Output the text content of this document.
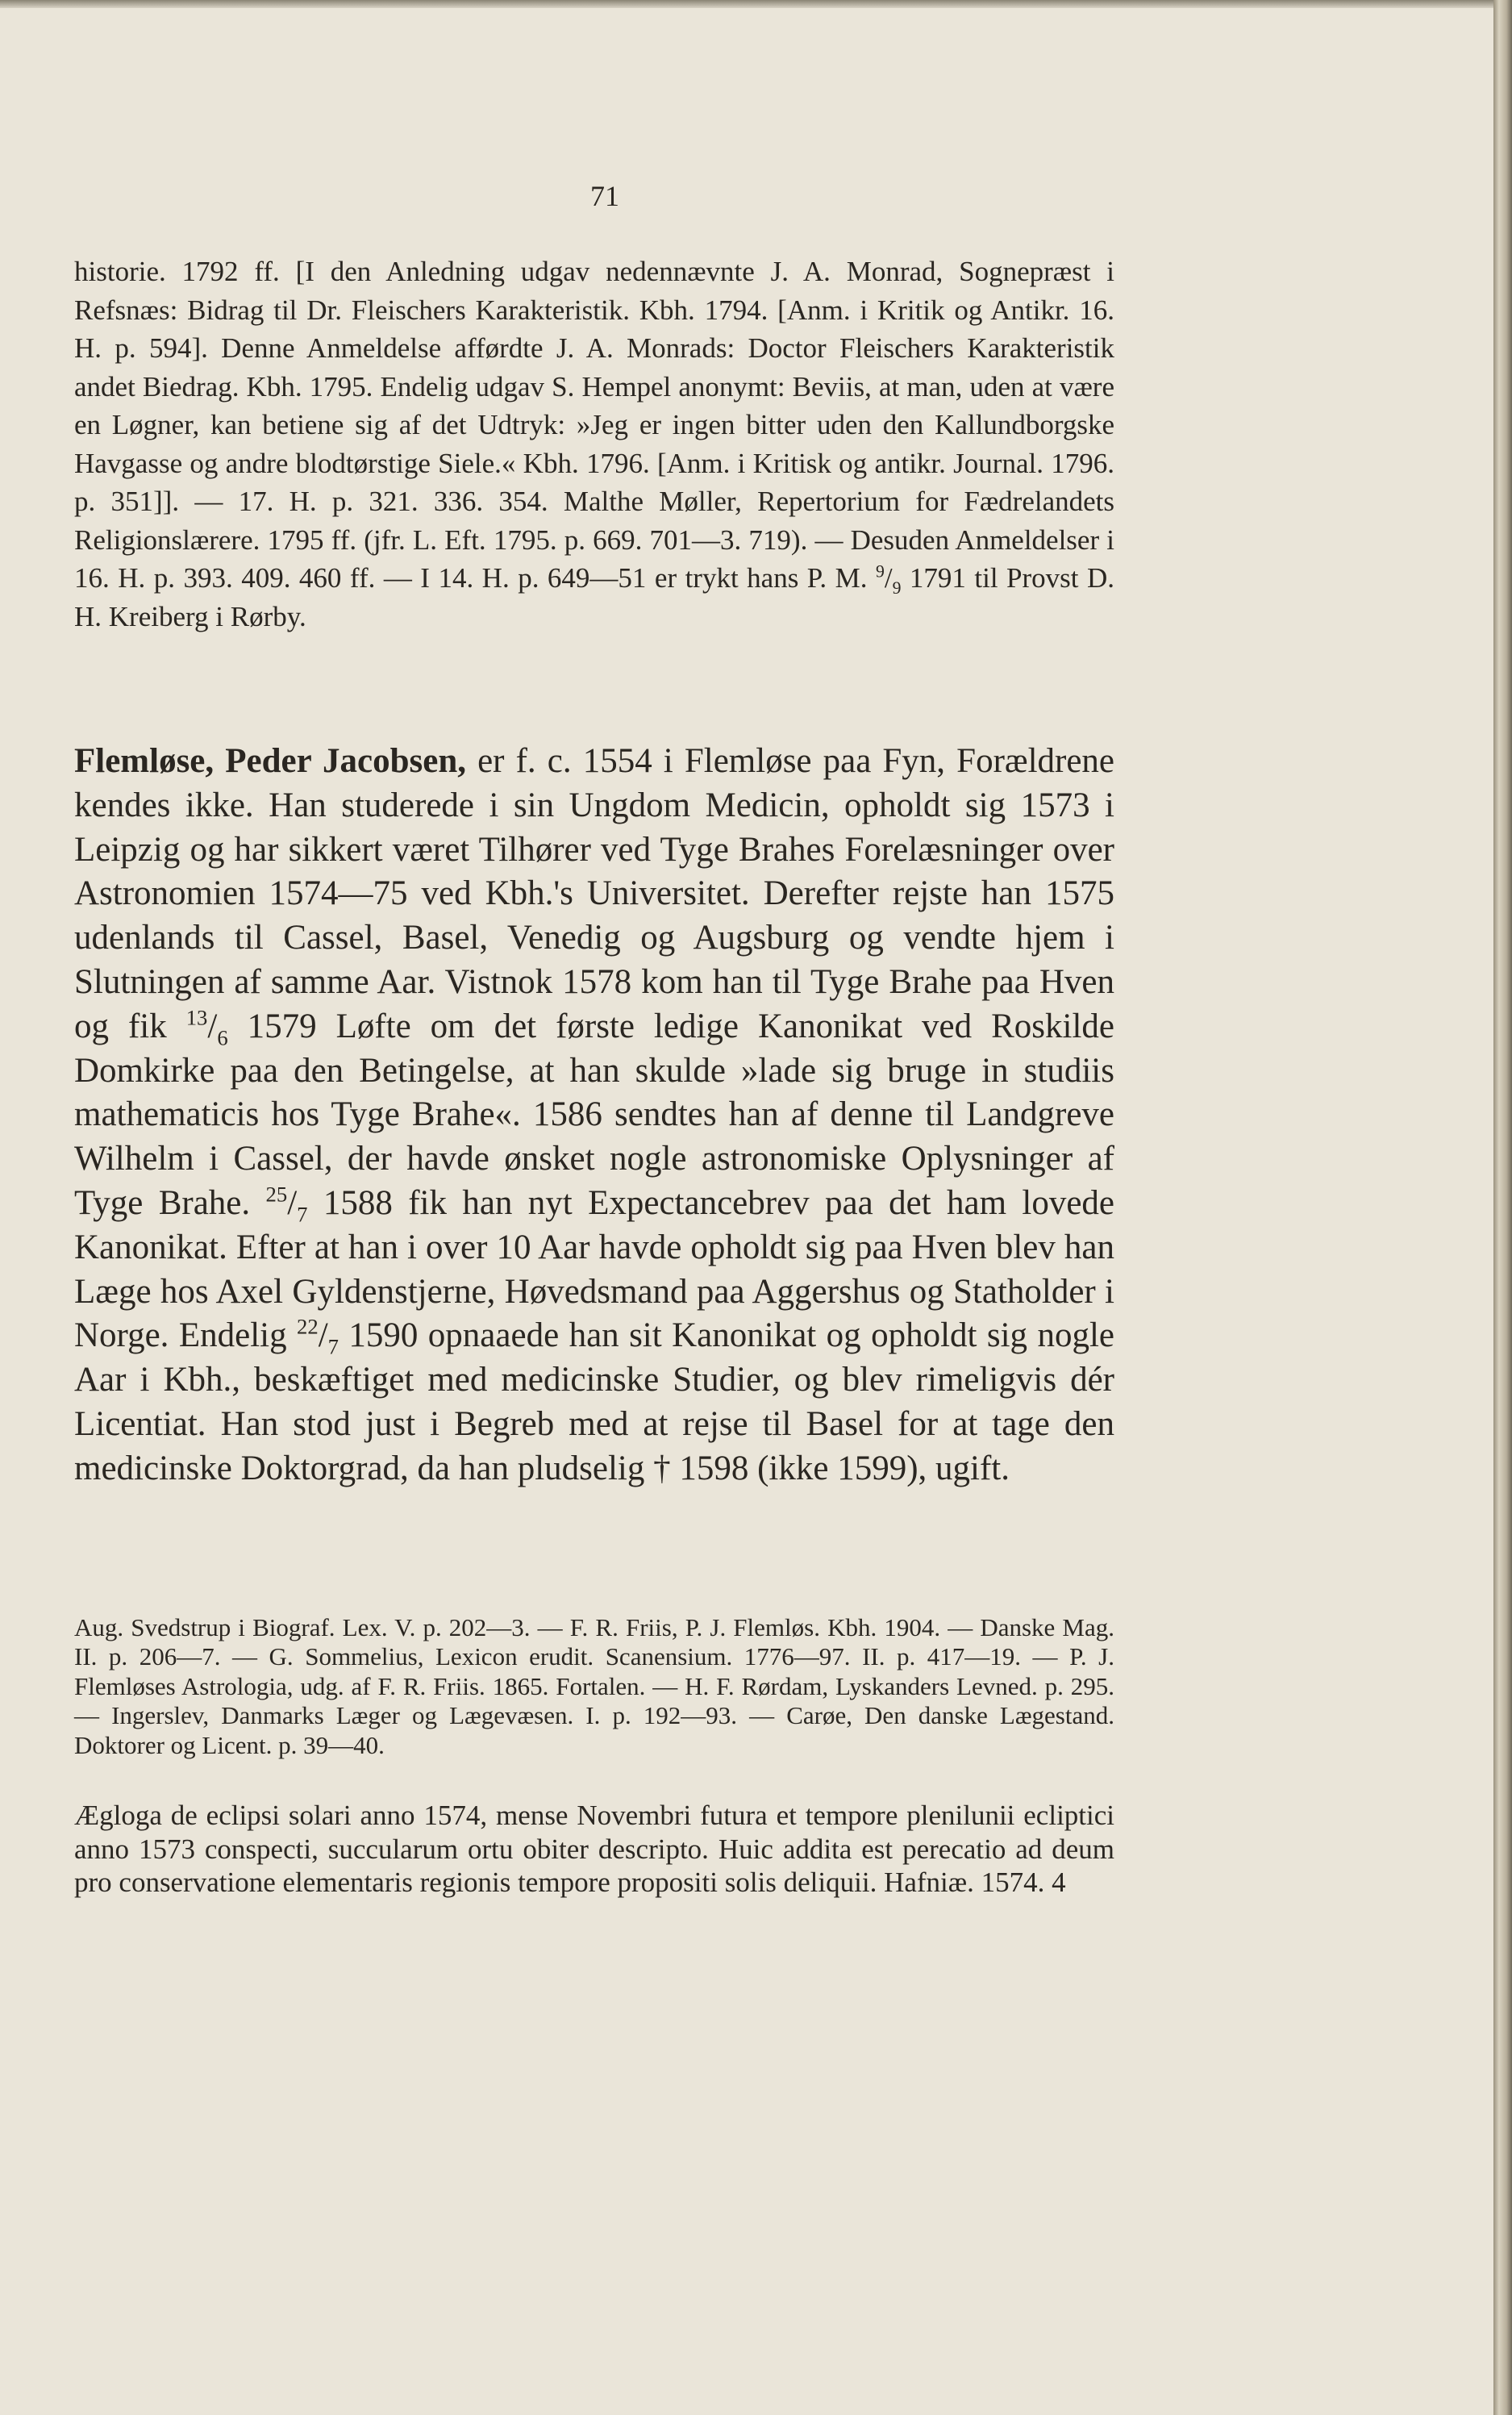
71

historie. 1792 ff. [I den Anledning udgav nedennævnte J. A. Monrad, Sognepræst i Refsnæs: Bidrag til Dr. Fleischers Karakteristik. Kbh. 1794. [Anm. i Kritik og Antikr. 16. H. p. 594]. Denne Anmeldelse afførdte J. A. Monrads: Doctor Fleischers Karakteristik andet Biedrag. Kbh. 1795. Endelig udgav S. Hempel anonymt: Beviis, at man, uden at være en Løgner, kan betiene sig af det Udtryk: »Jeg er ingen bitter uden den Kallundborgske Havgasse og andre blodtørstige Siele.« Kbh. 1796. [Anm. i Kritisk og antikr. Journal. 1796. p. 351]]. — 17. H. p. 321. 336. 354. Malthe Møller, Repertorium for Fædrelandets Religionslærere. 1795 ff. (jfr. L. Eft. 1795. p. 669. 701—3. 719). — Desuden Anmeldelser i 16. H. p. 393. 409. 460 ff. — I 14. H. p. 649—51 er trykt hans P. M. $^9/_9$ 1791 til Provst D. H. Kreiberg i Rørby.

Flemløse, Peder Jacobsen, er f. c. 1554 i Flemløse paa Fyn, Forældrene kendes ikke. Han studerede i sin Ungdom Medicin, opholdt sig 1573 i Leipzig og har sikkert været Tilhører ved Tyge Brahes Forelæsninger over Astronomien 1574—75 ved Kbh.'s Universitet. Derefter rejste han 1575 udenlands til Cassel, Basel, Venedig og Augsburg og vendte hjem i Slutningen af samme Aar. Vistnok 1578 kom han til Tyge Brahe paa Hven og fik $^{13}/_6$ 1579 Løfte om det første ledige Kanonikat ved Roskilde Domkirke paa den Betingelse, at han skulde »lade sig bruge in studiis mathematicis hos Tyge Brahe«. 1586 sendtes han af denne til Landgreve Wilhelm i Cassel, der havde ønsket nogle astronomiske Oplysninger af Tyge Brahe. $^{25}/_7$ 1588 fik han nyt Expectancebrev paa det ham lovede Kanonikat. Efter at han i over 10 Aar havde opholdt sig paa Hven blev han Læge hos Axel Gyldenstjerne, Høvedsmand paa Aggershus og Statholder i Norge. Endelig $^{22}/_7$ 1590 opnaaede han sit Kanonikat og opholdt sig nogle Aar i Kbh., beskæftiget med medicinske Studier, og blev rimeligvis dér Licentiat. Han stod just i Begreb med at rejse til Basel for at tage den medicinske Doktorgrad, da han pludselig † 1598 (ikke 1599), ugift.

Aug. Svedstrup i Biograf. Lex. V. p. 202—3. — F. R. Friis, P. J. Flemløs. Kbh. 1904. — Danske Mag. II. p. 206—7. — G. Sommelius, Lexicon erudit. Scanensium. 1776—97. II. p. 417—19. — P. J. Flemløses Astrologia, udg. af F. R. Friis. 1865. Fortalen. — H. F. Rørdam, Lyskanders Levned. p. 295. — Ingerslev, Danmarks Læger og Lægevæsen. I. p. 192—93. — Carøe, Den danske Lægestand. Doktorer og Licent. p. 39—40.

Ægloga de eclipsi solari anno 1574, mense Novembri futura et tempore plenilunii ecliptici anno 1573 conspecti, succularum ortu obiter descripto. Huic addita est perecatio ad deum pro conservatione elementaris regionis tempore propositi solis deliquii. Hafniæ. 1574. 4
